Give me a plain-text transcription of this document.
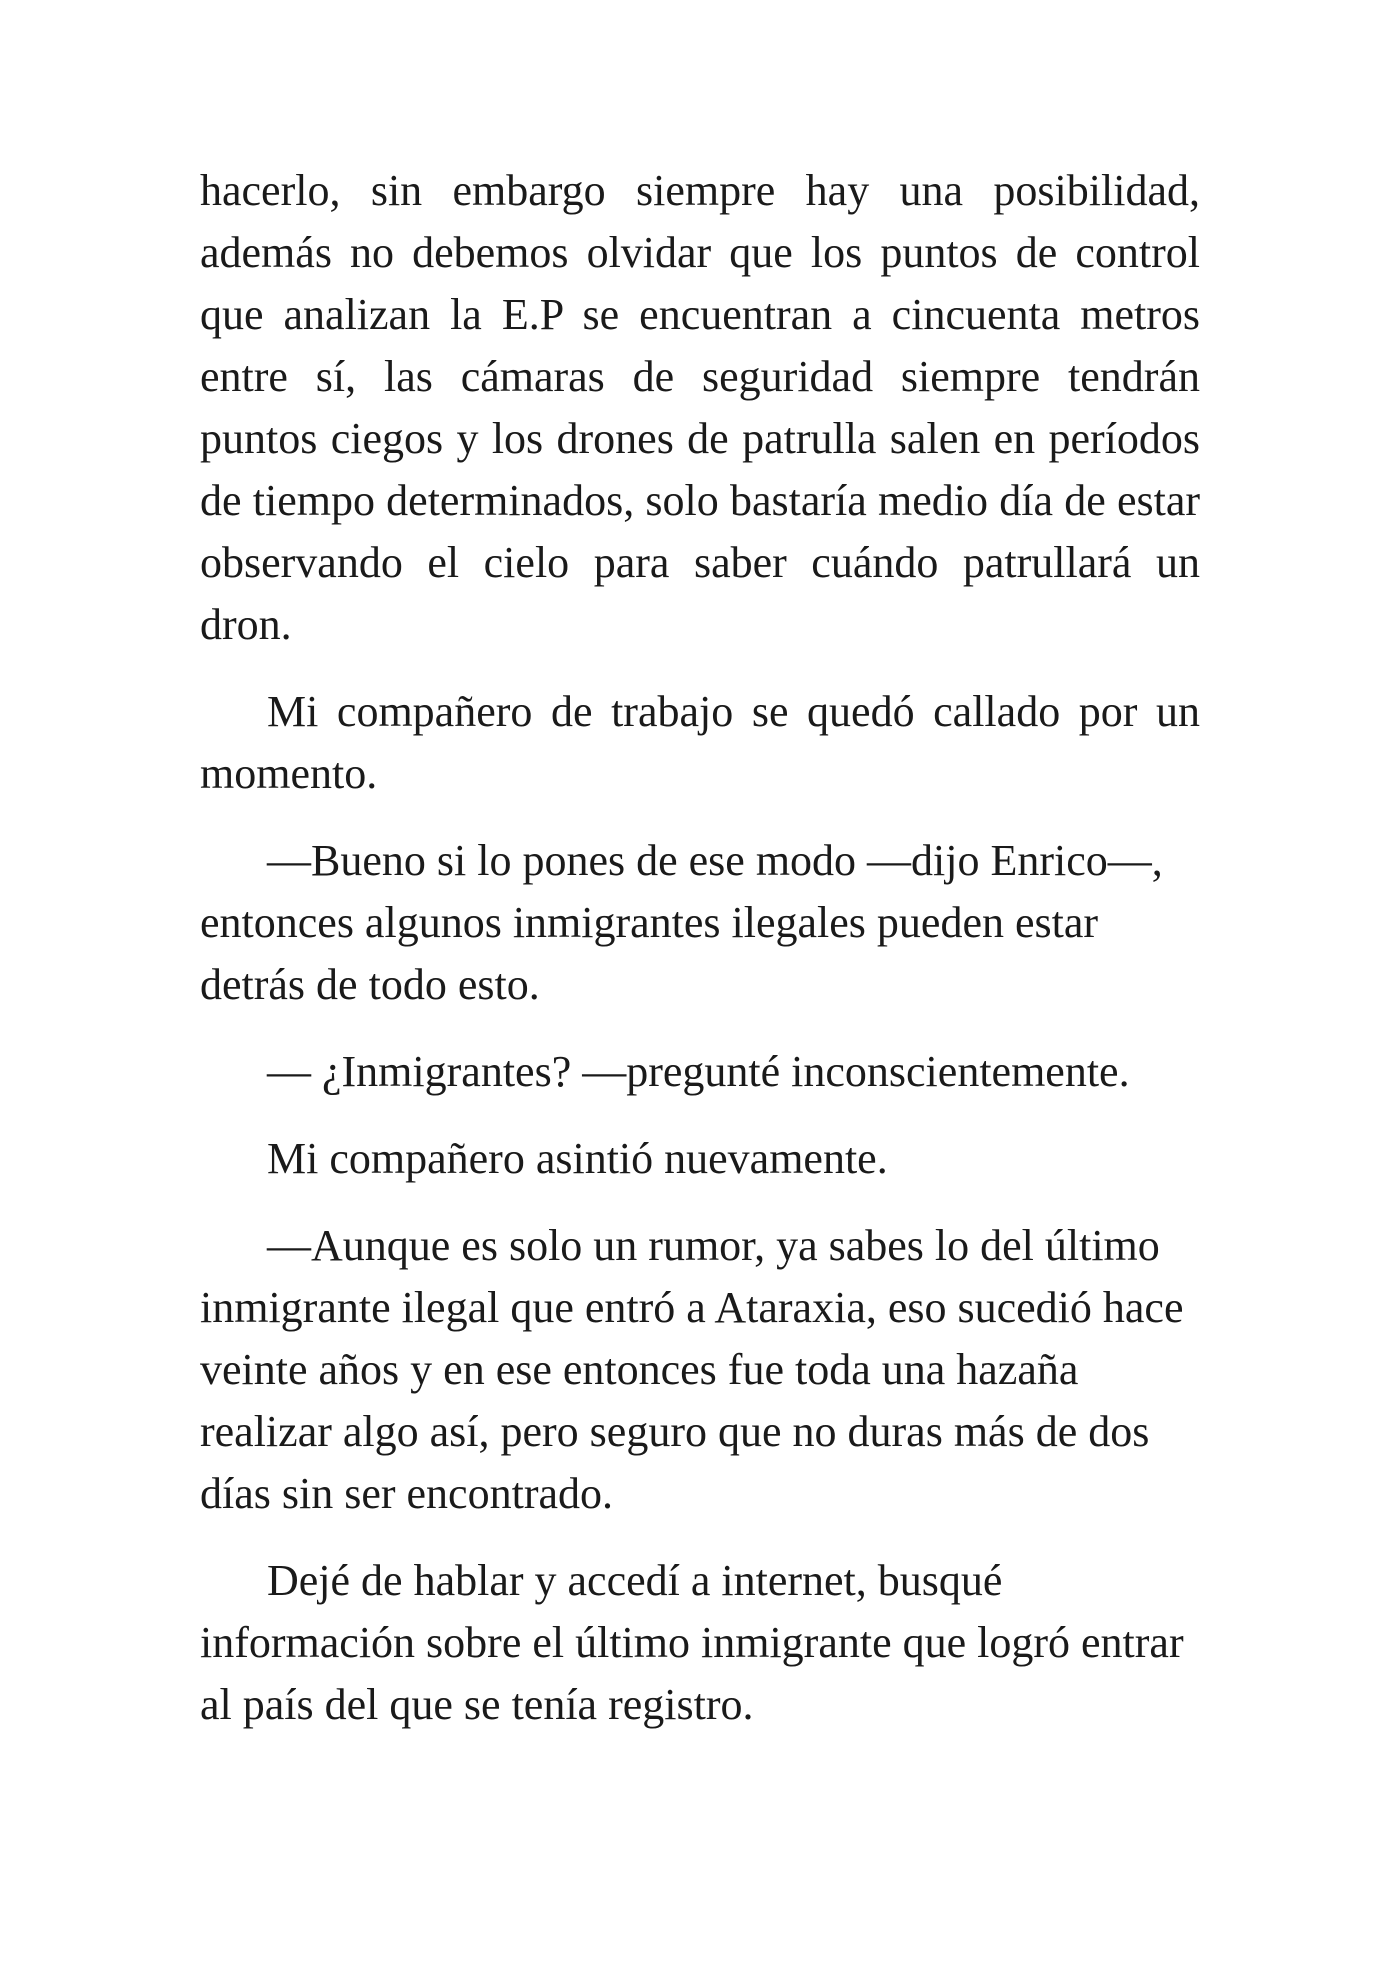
hacerlo, sin embargo siempre hay una posibilidad, además no debemos olvidar que los puntos de control que analizan la E.P se encuentran a cincuenta metros entre sí, las cámaras de seguridad siempre tendrán puntos ciegos y los drones de patrulla salen en períodos de tiempo determinados, solo bastaría medio día de estar observando el cielo para saber cuándo patrullará un dron.

Mi compañero de trabajo se quedó callado por un momento.

—Bueno si lo pones de ese modo —dijo Enrico—, entonces algunos inmigrantes ilegales pueden estar detrás de todo esto.

— ¿Inmigrantes? —pregunté inconscientemente.

Mi compañero asintió nuevamente.

—Aunque es solo un rumor, ya sabes lo del último inmigrante ilegal que entró a Ataraxia, eso sucedió hace veinte años y en ese entonces fue toda una hazaña realizar algo así, pero seguro que no duras más de dos días sin ser encontrado.

Dejé de hablar y accedí a internet, busqué información sobre el último inmigrante que logró entrar al país del que se tenía registro.
